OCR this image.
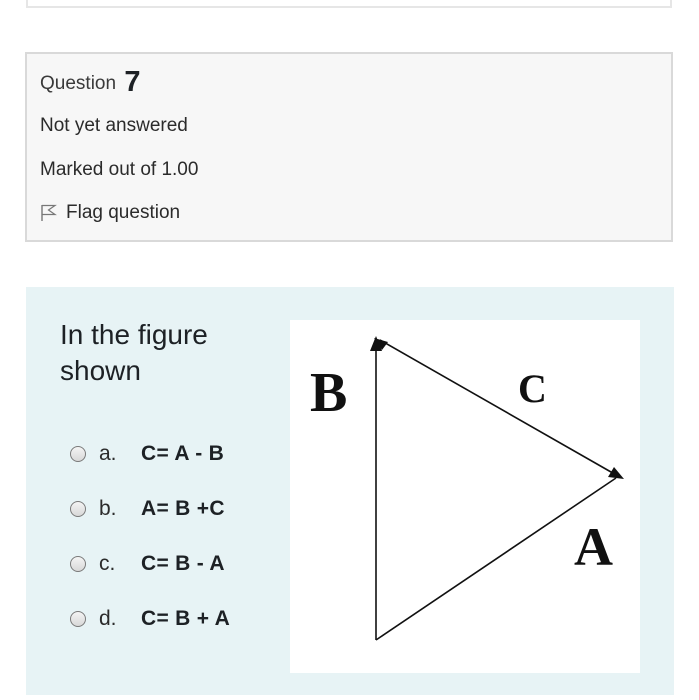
Question 7
Not yet answered
Marked out of 1.00
Flag question
In the figure shown
a.	C= A - B
b.	A= B +C
c.	C= B - A
d.	C= B + A
B	C
A
